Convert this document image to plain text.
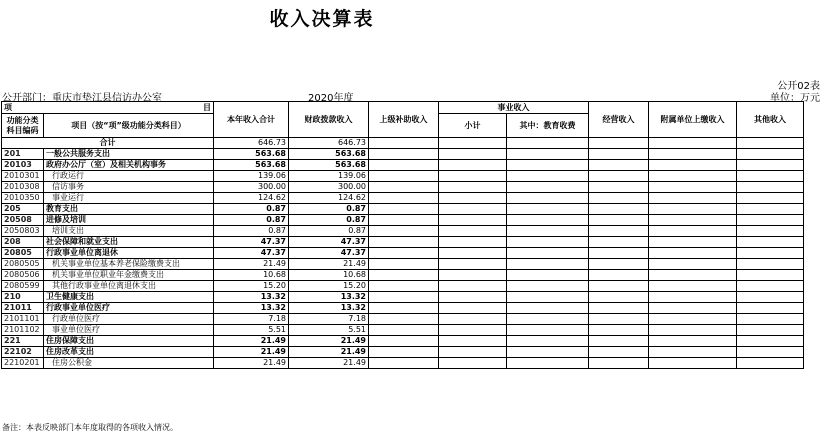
收入决算表
公开02表
公开部门：重庆市垫江县信访办公室	2020年度	单位：万元
项 目		本年收入合计	财政拨款收入	上级补助收入	事业收入		经营收入	附属单位上缴收入	其他收入
功能分类科目编码	项目（按“项”级功能分类科目）								
					小计	其中：教育收费			
合计		646.73	646.73						
201	一般公共服务支出	563.68	563.68						
20103	政府办公厅（室）及相关机构事务	563.68	563.68						
2010301	行政运行	139.06	139.06						
2010308	信访事务	300.00	300.00						
2010350	事业运行	124.62	124.62						
205	教育支出	0.87	0.87						
20508	进修及培训	0.87	0.87						
2050803	培训支出	0.87	0.87						
208	社会保障和就业支出	47.37	47.37						
20805	行政事业单位离退休	47.37	47.37						
2080505	机关事业单位基本养老保险缴费支出	21.49	21.49						
2080506	机关事业单位职业年金缴费支出	10.68	10.68						
2080599	其他行政事业单位离退休支出	15.20	15.20						
210	卫生健康支出	13.32	13.32						
21011	行政事业单位医疗	13.32	13.32						
2101101	行政单位医疗	7.18	7.18						
2101102	事业单位医疗	5.51	5.51						
221	住房保障支出	21.49	21.49						
22102	住房改革支出	21.49	21.49						
2210201	住房公积金	21.49	21.49						
备注：本表反映部门本年度取得的各项收入情况。
